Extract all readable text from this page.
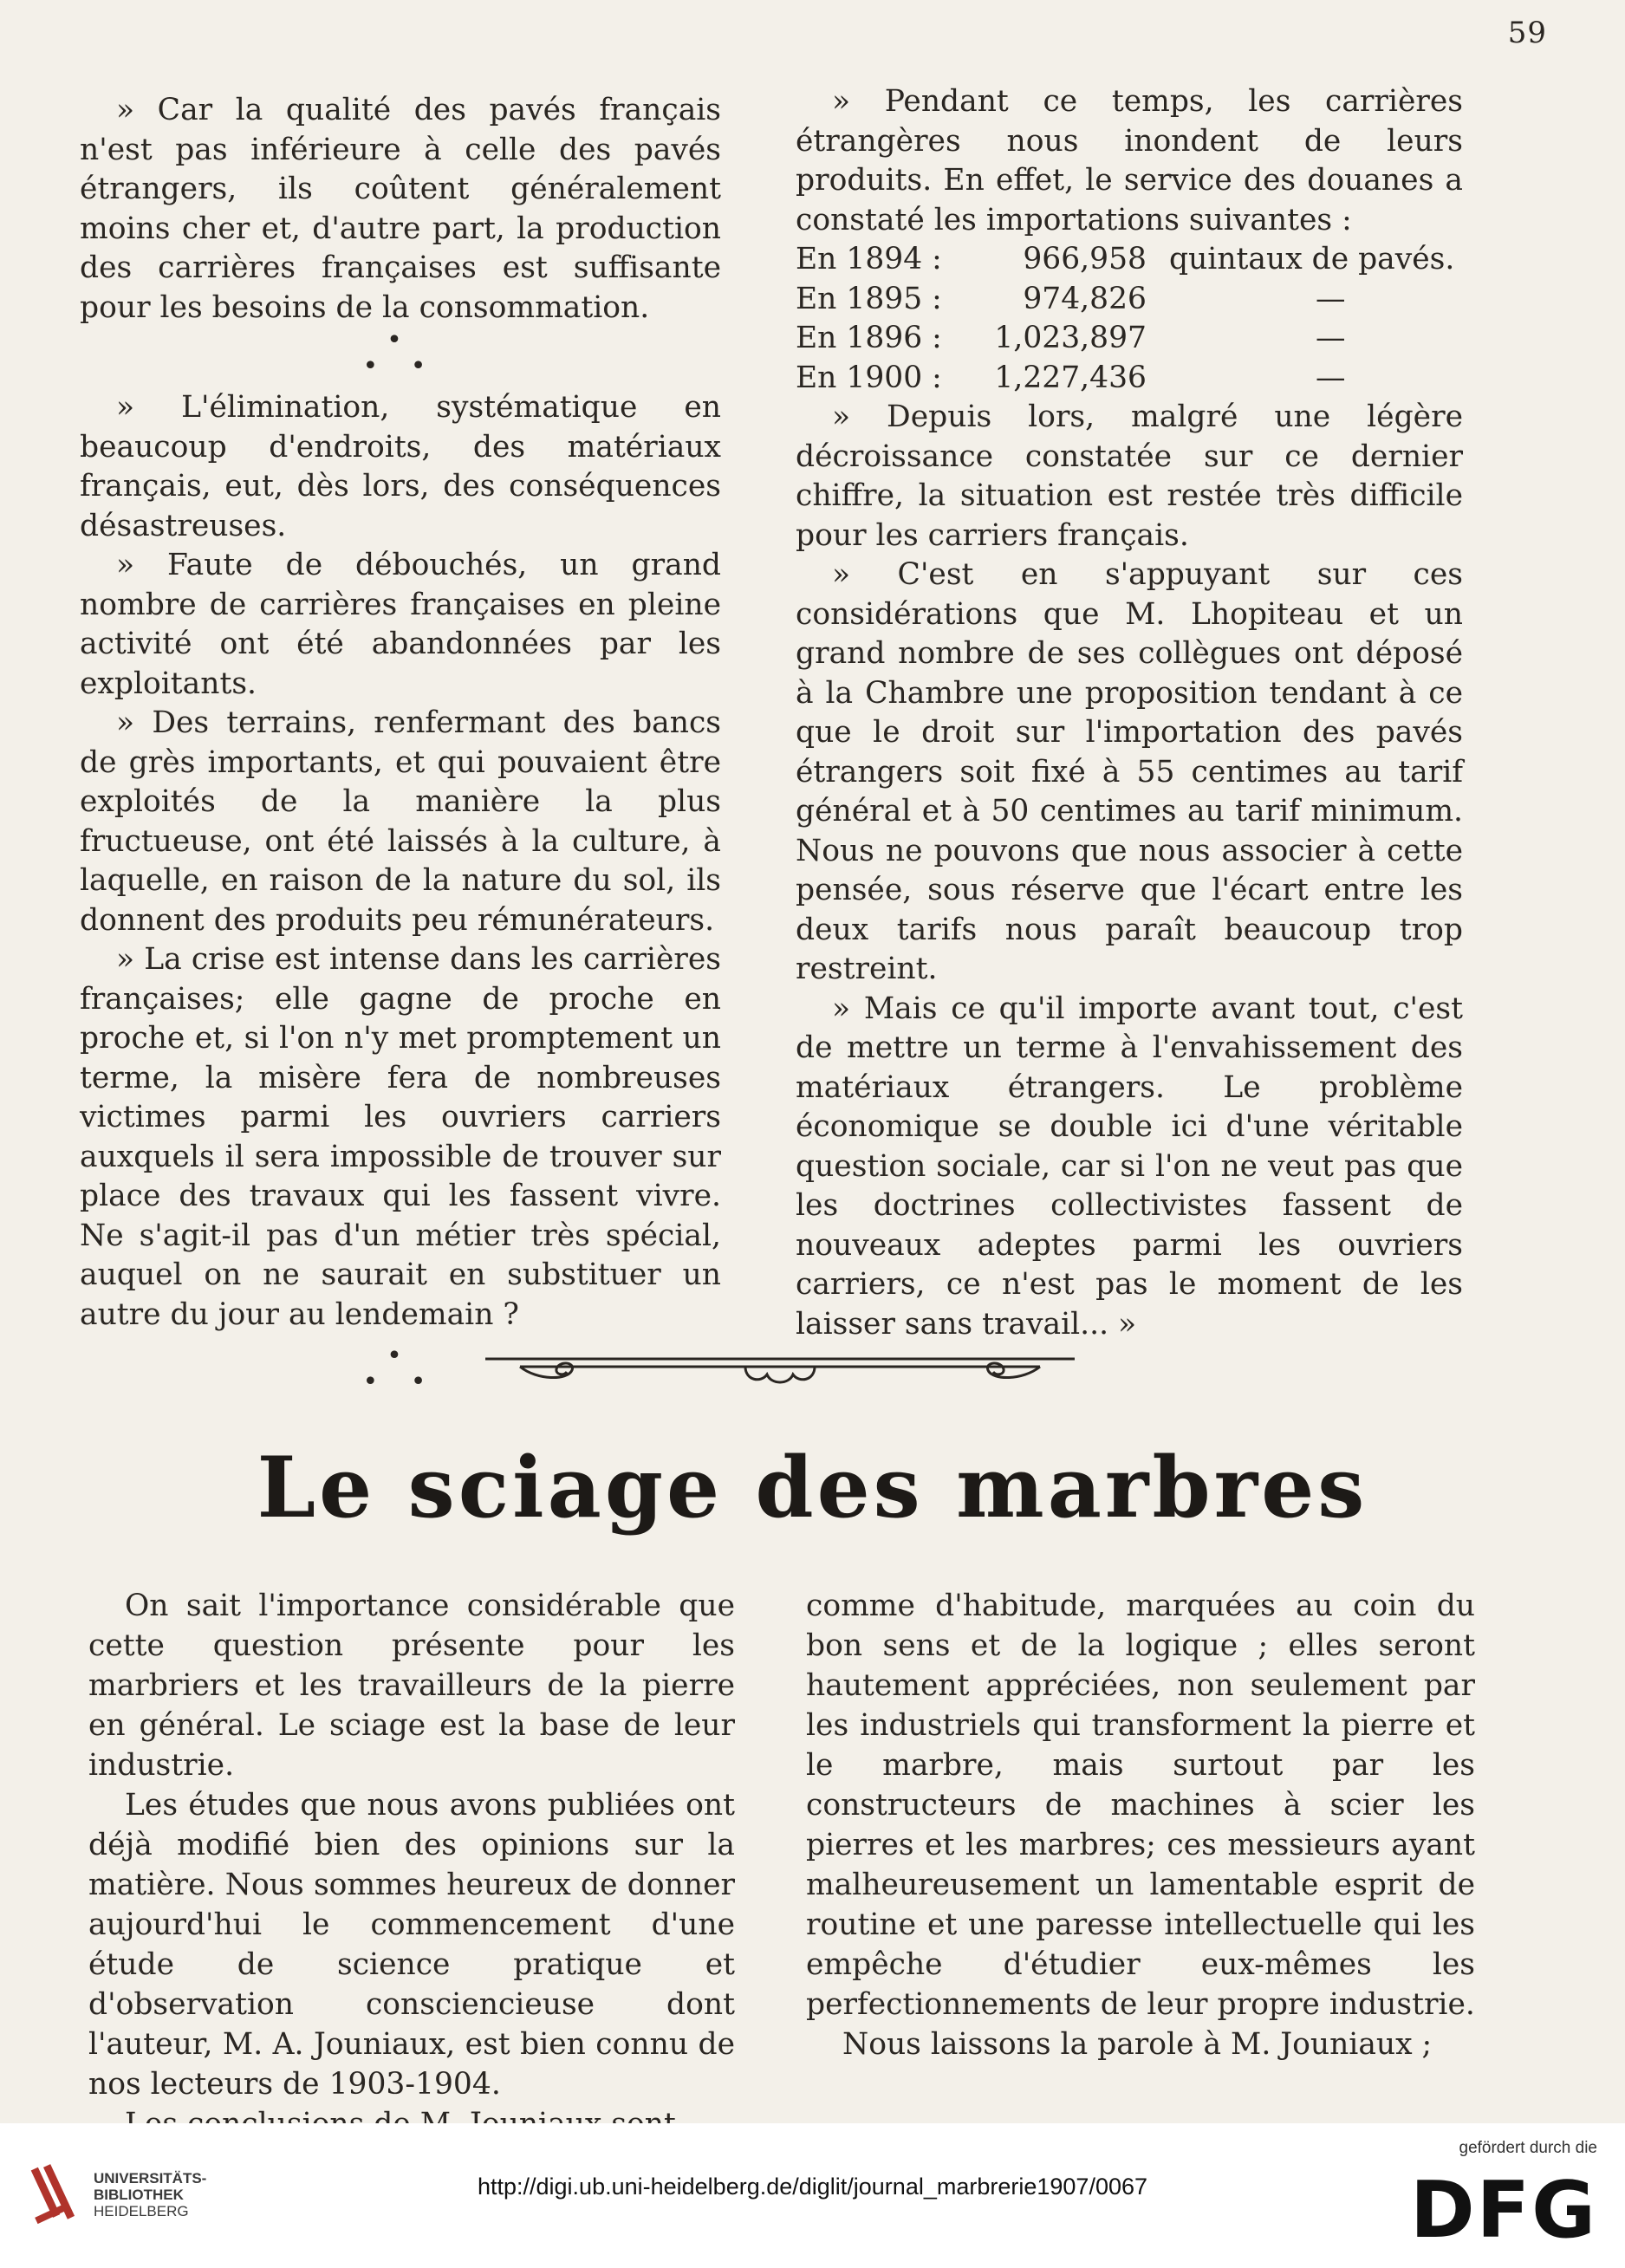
59

» Car la qualité des pavés français n'est pas inférieure à celle des pavés étrangers, ils coûtent généralement moins cher et, d'autre part, la production des carrières françaises est suffisante pour les besoins de la consommation.

•
• •

» L'élimination, systématique en beaucoup d'endroits, des matériaux français, eut, dès lors, des conséquences désastreuses.

» Faute de débouchés, un grand nombre de carrières françaises en pleine activité ont été abandonnées par les exploitants.

» Des terrains, renfermant des bancs de grès importants, et qui pouvaient être exploités de la manière la plus fructueuse, ont été laissés à la culture, à laquelle, en raison de la nature du sol, ils donnent des produits peu rémunérateurs.

» La crise est intense dans les carrières françaises; elle gagne de proche en proche et, si l'on n'y met promptement un terme, la misère fera de nombreuses victimes parmi les ouvriers carriers auxquels il sera impossible de trouver sur place des travaux qui les fassent vivre. Ne s'agit-il pas d'un métier très spécial, auquel on ne saurait en substituer un autre du jour au lendemain ?

•
• •

» Pendant ce temps, les carrières étrangères nous inondent de leurs produits. En effet, le service des douanes a constaté les importations suivantes :

En 1894 :	966,958	quintaux de pavés.
En 1895 :	974,826	—
En 1896 :	1,023,897	—
En 1900 :	1,227,436	—

» Depuis lors, malgré une légère décroissance constatée sur ce dernier chiffre, la situation est restée très difficile pour les carriers français.

» C'est en s'appuyant sur ces considérations que M. Lhopiteau et un grand nombre de ses collègues ont déposé à la Chambre une proposition tendant à ce que le droit sur l'importation des pavés étrangers soit fixé à 55 centimes au tarif général et à 50 centimes au tarif minimum. Nous ne pouvons que nous associer à cette pensée, sous réserve que l'écart entre les deux tarifs nous paraît beaucoup trop restreint.

» Mais ce qu'il importe avant tout, c'est de mettre un terme à l'envahissement des matériaux étrangers. Le problème économique se double ici d'une véritable question sociale, car si l'on ne veut pas que les doctrines collectivistes fassent de nouveaux adeptes parmi les ouvriers carriers, ce n'est pas le moment de les laisser sans travail... »

Le sciage des marbres

On sait l'importance considérable que cette question présente pour les marbriers et les travailleurs de la pierre en général. Le sciage est la base de leur industrie.

Les études que nous avons publiées ont déjà modifié bien des opinions sur la matière. Nous sommes heureux de donner aujourd'hui le commencement d'une étude de science pratique et d'observation consciencieuse dont l'auteur, M. A. Jouniaux, est bien connu de nos lecteurs de 1903-1904.

comme d'habitude, marquées au coin du bon sens et de la logique ; elles seront hautement appréciées, non seulement par les industriels qui transforment la pierre et le marbre, mais surtout par les constructeurs de machines à scier les pierres et les marbres; ces messieurs ayant malheureusement un lamentable esprit de routine et une paresse intellectuelle qui les empêche d'étudier eux-mêmes les perfectionnements de leur propre industrie.

Nous laissons la parole à M. Jouniaux ;

UNIVERSITÄTS-
BIBLIOTHEK
HEIDELBERG
http://digi.ub.uni-heidelberg.de/diglit/journal_marbrerie1907/0067
gefördert durch die
DFG
